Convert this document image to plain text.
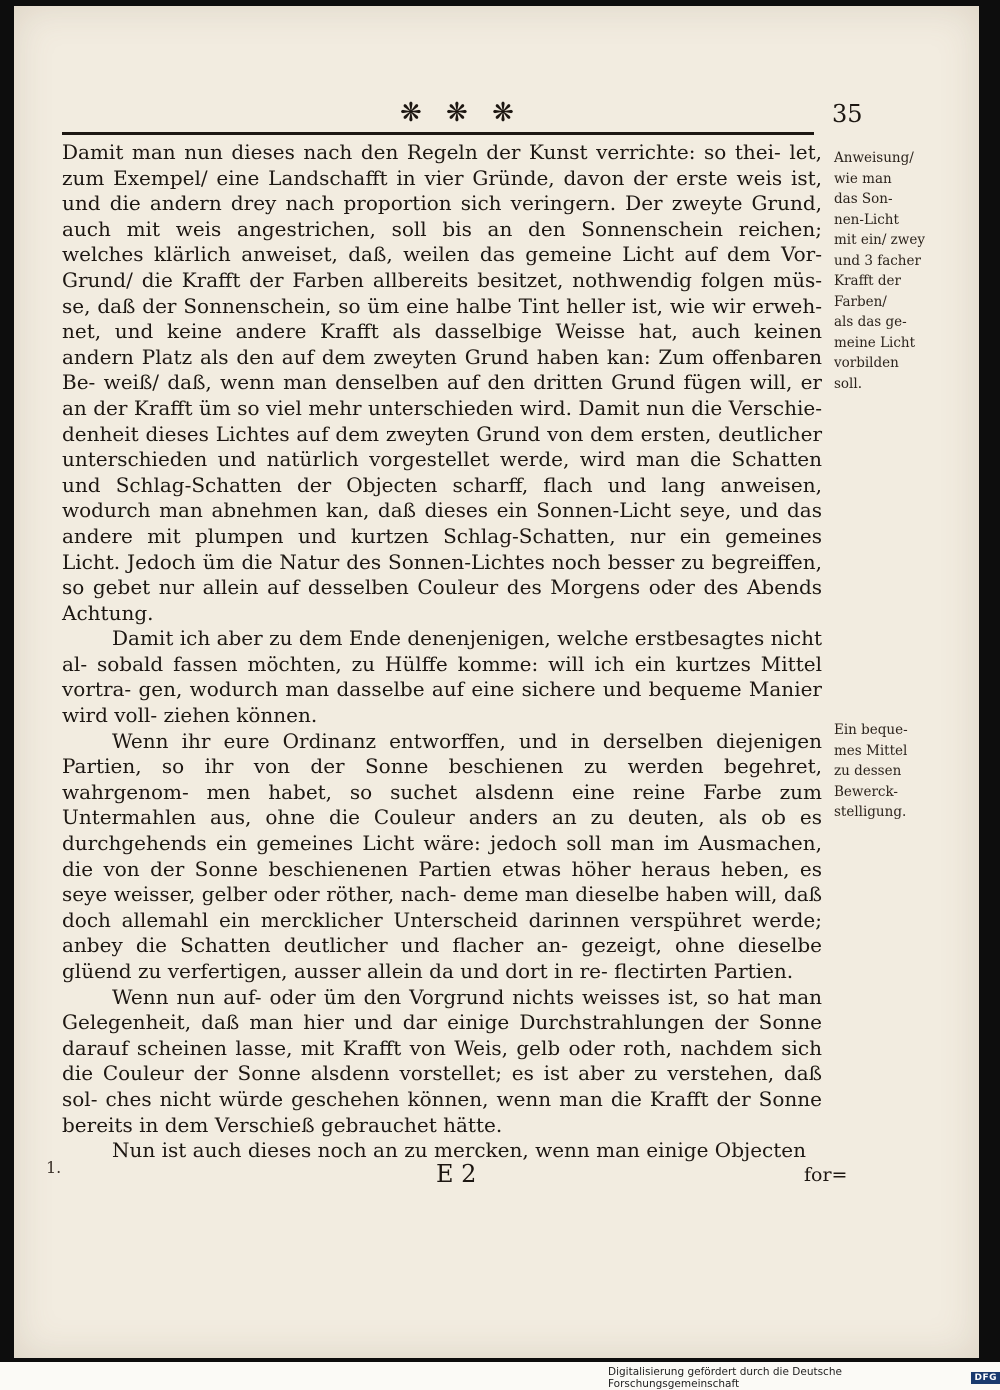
❋ ❋ ❋	35

Damit man nun dieses nach den Regeln der Kunst verrichte: so thei- let, zum Exempel/ eine Landschafft in vier Gründe, davon der erste weis ist, und die andern drey nach proportion sich veringern. Der zweyte Grund, auch mit weis angestrichen, soll bis an den Sonnenschein reichen; welches klärlich anweiset, daß, weilen das gemeine Licht auf dem Vor- Grund/ die Krafft der Farben allbereits besitzet, nothwendig folgen müs- se, daß der Sonnenschein, so üm eine halbe Tint heller ist, wie wir erweh- net, und keine andere Krafft als dasselbige Weisse hat, auch keinen andern Platz als den auf dem zweyten Grund haben kan: Zum offenbaren Be- weiß/ daß, wenn man denselben auf den dritten Grund fügen will, er an der Krafft üm so viel mehr unterschieden wird. Damit nun die Verschie- denheit dieses Lichtes auf dem zweyten Grund von dem ersten, deutlicher unterschieden und natürlich vorgestellet werde, wird man die Schatten und Schlag-Schatten der Objecten scharff, flach und lang anweisen, wodurch man abnehmen kan, daß dieses ein Sonnen-Licht seye, und das andere mit plumpen und kurtzen Schlag-Schatten, nur ein gemeines Licht. Jedoch üm die Natur des Sonnen-Lichtes noch besser zu begreiffen, so gebet nur allein auf desselben Couleur des Morgens oder des Abends Achtung.

Damit ich aber zu dem Ende denenjenigen, welche erstbesagtes nicht al- sobald fassen möchten, zu Hülffe komme: will ich ein kurtzes Mittel vortra- gen, wodurch man dasselbe auf eine sichere und bequeme Manier wird voll- ziehen können.

Wenn ihr eure Ordinanz entworffen, und in derselben diejenigen Partien, so ihr von der Sonne beschienen zu werden begehret, wahrgenom- men habet, so suchet alsdenn eine reine Farbe zum Untermahlen aus, ohne die Couleur anders an zu deuten, als ob es durchgehends ein gemeines Licht wäre: jedoch soll man im Ausmachen, die von der Sonne beschienenen Partien etwas höher heraus heben, es seye weisser, gelber oder röther, nach- deme man dieselbe haben will, daß doch allemahl ein mercklicher Unterscheid darinnen verspühret werde; anbey die Schatten deutlicher und flacher an- gezeigt, ohne dieselbe glüend zu verfertigen, ausser allein da und dort in re- flectirten Partien.

Wenn nun auf- oder üm den Vorgrund nichts weisses ist, so hat man Gelegenheit, daß man hier und dar einige Durchstrahlungen der Sonne darauf scheinen lasse, mit Krafft von Weis, gelb oder roth, nachdem sich die Couleur der Sonne alsdenn vorstellet; es ist aber zu verstehen, daß sol- ches nicht würde geschehen können, wenn man die Krafft der Sonne bereits in dem Verschieß gebrauchet hätte.

Nun ist auch dieses noch an zu mercken, wenn man einige Objecten

Anweisung/
wie man
das Son-
nen-Licht
mit ein/ zwey
und 3 facher
Krafft der
Farben/
als das ge-
meine Licht
vorbilden
soll.
Ein beque-
mes Mittel
zu dessen
Bewerck-
stelligung.
1.	E 2	for=
Digitalisierung gefördert durch die Deutsche Forschungsgemeinschaft	DFG
